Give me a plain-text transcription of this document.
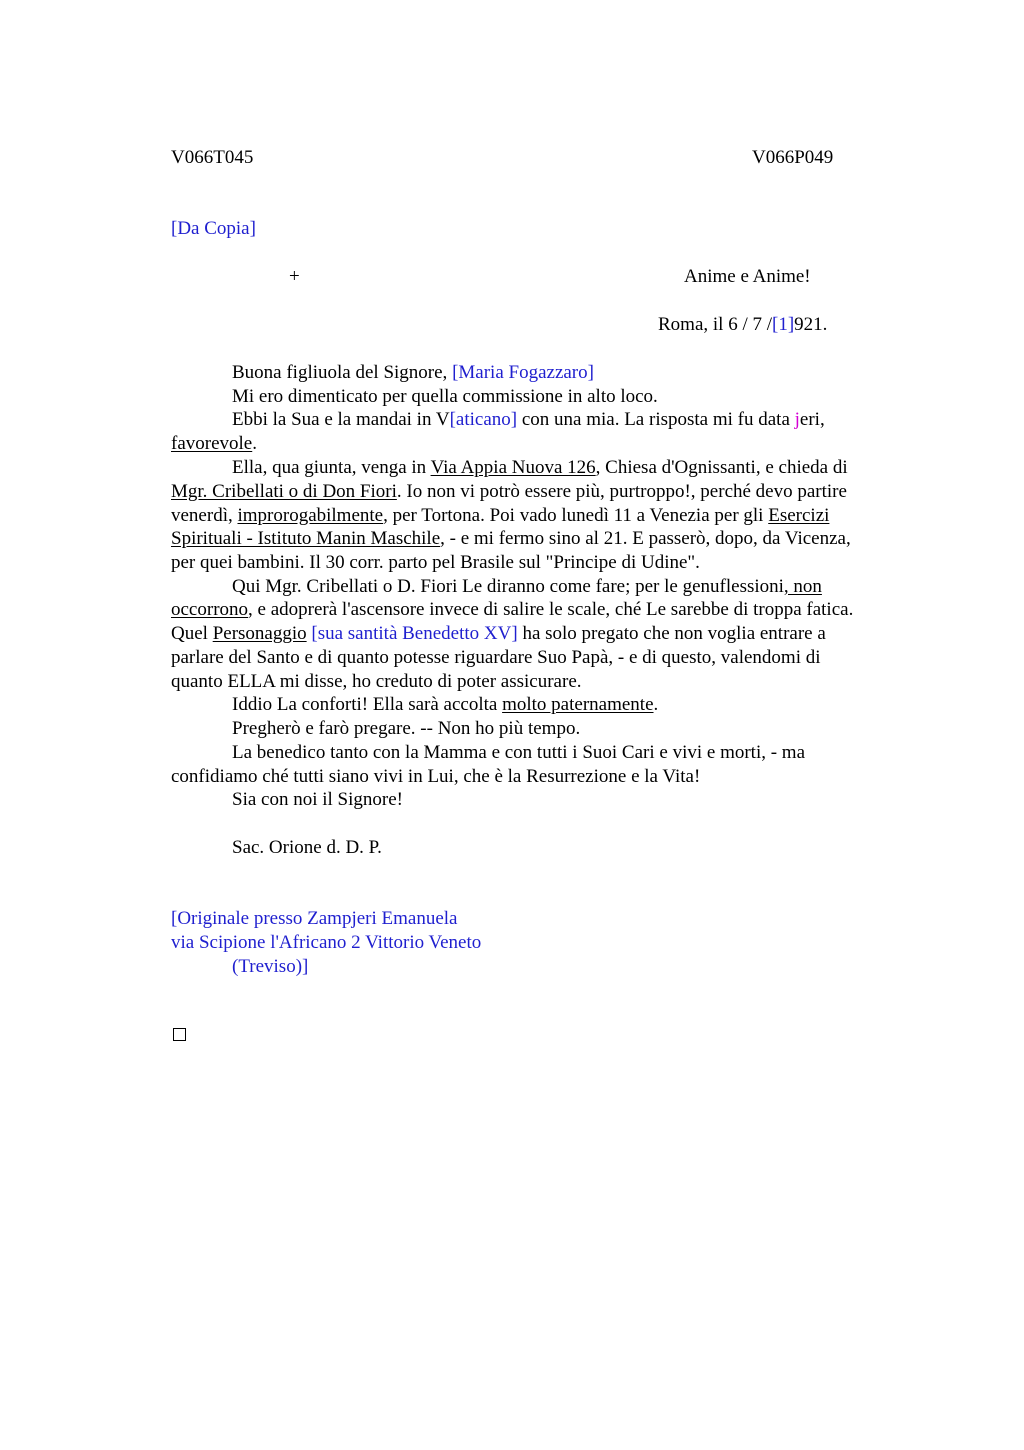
V066T045	V066P049
[Da Copia]
+	Anime e Anime!
Roma, il 6 / 7 /[1]921.
Buona figliuola del Signore, [Maria Fogazzaro]
Mi ero dimenticato per quella commissione in alto loco.
Ebbi la Sua e la mandai in V[aticano] con una mia. La risposta mi fu data jeri,
favorevole.
Ella, qua giunta, venga in Via Appia Nuova 126, Chiesa d'Ognissanti, e chieda di
Mgr. Cribellati o di Don Fiori. Io non vi potrò essere più, purtroppo!, perché devo partire
venerdì, improrogabilmente, per Tortona. Poi vado lunedì 11 a Venezia per gli Esercizi
Spirituali - Istituto Manin Maschile, - e mi fermo sino al 21. E passerò, dopo, da Vicenza,
per quei bambini. Il 30 corr. parto pel Brasile sul "Principe di Udine".
Qui Mgr. Cribellati o D. Fiori Le diranno come fare; per le genuflessioni, non
occorrono, e adoprerà l'ascensore invece di salire le scale, ché Le sarebbe di troppa fatica.
Quel Personaggio [sua santità Benedetto XV] ha solo pregato che non voglia entrare a
parlare del Santo e di quanto potesse riguardare Suo Papà, - e di questo, valendomi di
quanto ELLA mi disse, ho creduto di poter assicurare.
Iddio La conforti! Ella sarà accolta molto paternamente.
Pregherò e farò pregare. -- Non ho più tempo.
La benedico tanto con la Mamma e con tutti i Suoi Cari e vivi e morti, - ma
confidiamo ché tutti siano vivi in Lui, che è la Resurrezione e la Vita!
Sia con noi il Signore!
Sac. Orione d. D. P.
[Originale presso Zampjeri Emanuela
via Scipione l'Africano 2 Vittorio Veneto
(Treviso)]
